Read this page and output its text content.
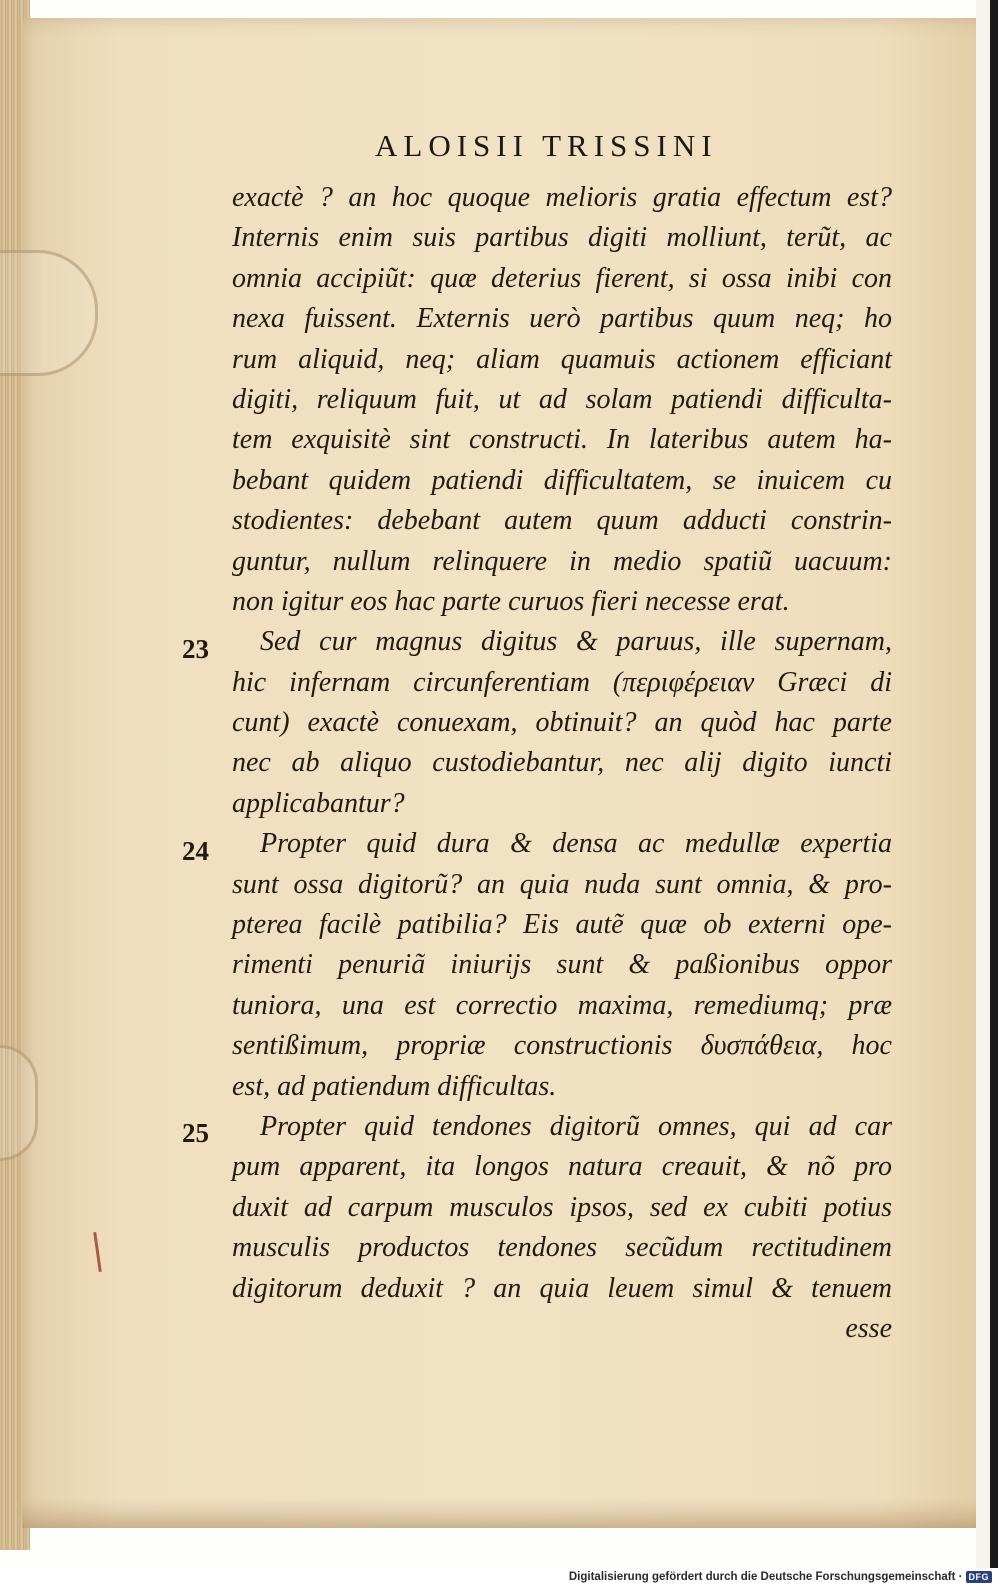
ALOISII TRISSINI
23
24
25
exactè ? an hoc quoque melioris gratia effectum est?
Internis enim suis partibus digiti molliunt, terũt, ac
omnia accipiũt: quæ deterius fierent, si ossa inibi con
nexa fuissent. Externis uerò partibus quum neq; ho
rum aliquid, neq; aliam quamuis actionem efficiant
digiti, reliquum fuit, ut ad solam patiendi difficulta-
tem exquisitè sint constructi. In lateribus autem ha-
bebant quidem patiendi difficultatem, se inuicem cu
stodientes: debebant autem quum adducti constrin-
guntur, nullum relinquere in medio spatiũ uacuum:
non igitur eos hac parte curuos fieri necesse erat.
Sed cur magnus digitus & paruus, ille supernam,
hic infernam circunferentiam (περιφέρειαν Græci di
cunt) exactè conuexam, obtinuit? an quòd hac parte
nec ab aliquo custodiebantur, nec alij digito iuncti
applicabantur?
Propter quid dura & densa ac medullæ expertia
sunt ossa digitorũ? an quia nuda sunt omnia, & pro-
pterea facilè patibilia? Eis autẽ quæ ob externi ope-
rimenti penuriã iniurijs sunt & paßionibus oppor
tuniora, una est correctio maxima, remediumq; præ
sentißimum, propriæ constructionis δυσπάθεια, hoc
est, ad patiendum difficultas.
Propter quid tendones digitorũ omnes, qui ad car
pum apparent, ita longos natura creauit, & nõ pro
duxit ad carpum musculos ipsos, sed ex cubiti potius
musculis productos tendones secũdum rectitudinem
digitorum deduxit ? an quia leuem simul & tenuem
esse
Digitalisierung gefördert durch die Deutsche Forschungsgemeinschaft · DFG
